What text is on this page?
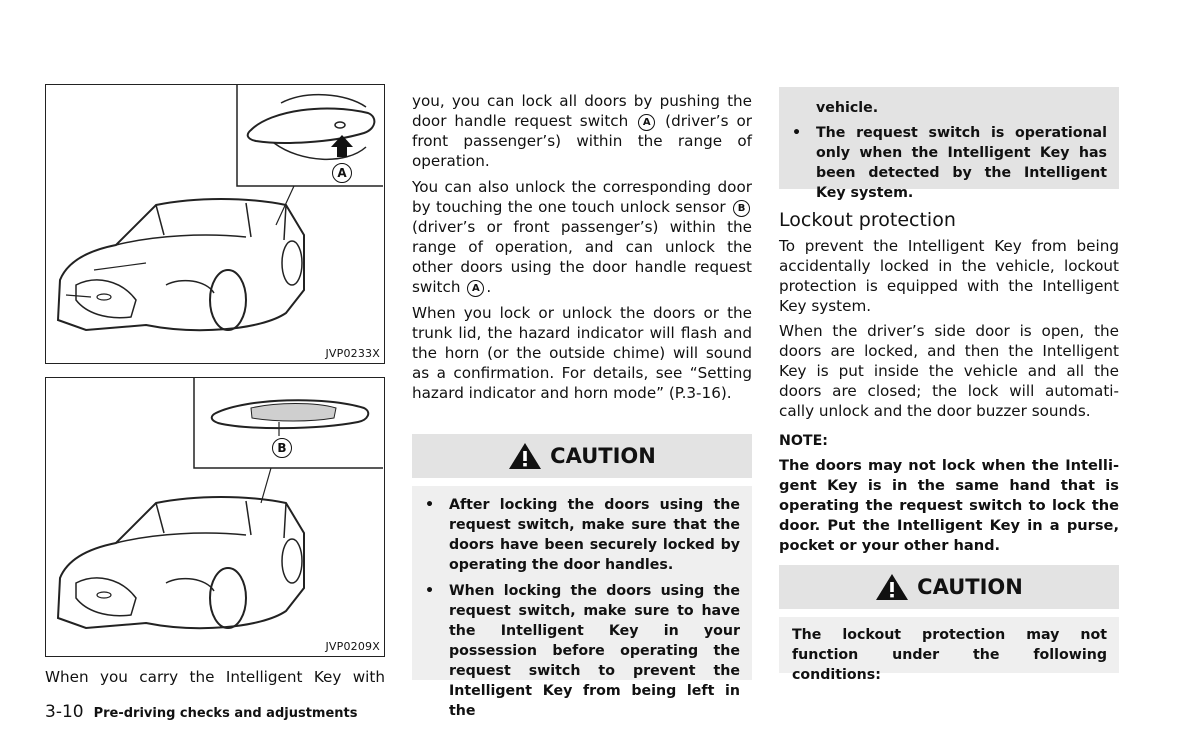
A
JVP0233X
B
JVP0209X

When you carry the Intelligent Key with

you, you can lock all doors by pushing the door handle request switch A (driver’s or front passenger’s) within the range of operation.

You can also unlock the corresponding door by touching the one touch unlock sensor B (driver’s or front passenger’s) within the range of operation, and can unlock the other doors using the door handle request switch A .

When you lock or unlock the doors or the trunk lid, the hazard indicator will flash and the horn (or the outside chime) will sound as a confirmation. For details, see “Setting hazard indicator and horn mode” (P.3-16).

CAUTION
• After locking the doors using the request switch, make sure that the doors have been securely locked by operating the door handles.
• When locking the doors using the request switch, make sure to have the Intelligent Key in your possession before operating the request switch to prevent the Intelligent Key from being left in the
vehicle.
• The request switch is operational only when the Intelligent Key has been detected by the Intelligent Key system.
Lockout protection

To prevent the Intelligent Key from being accidentally locked in the vehicle, lockout protection is equipped with the Intelligent Key system.

When the driver’s side door is open, the doors are locked, and then the Intelligent Key is put inside the vehicle and all the doors are closed; the lock will automati- cally unlock and the door buzzer sounds.

NOTE:

The doors may not lock when the Intelli- gent Key is in the same hand that is operating the request switch to lock the door. Put the Intelligent Key in a purse, pocket or your other hand.

CAUTION

The lockout protection may not function under the following conditions:

3-10 Pre-driving checks and adjustments
